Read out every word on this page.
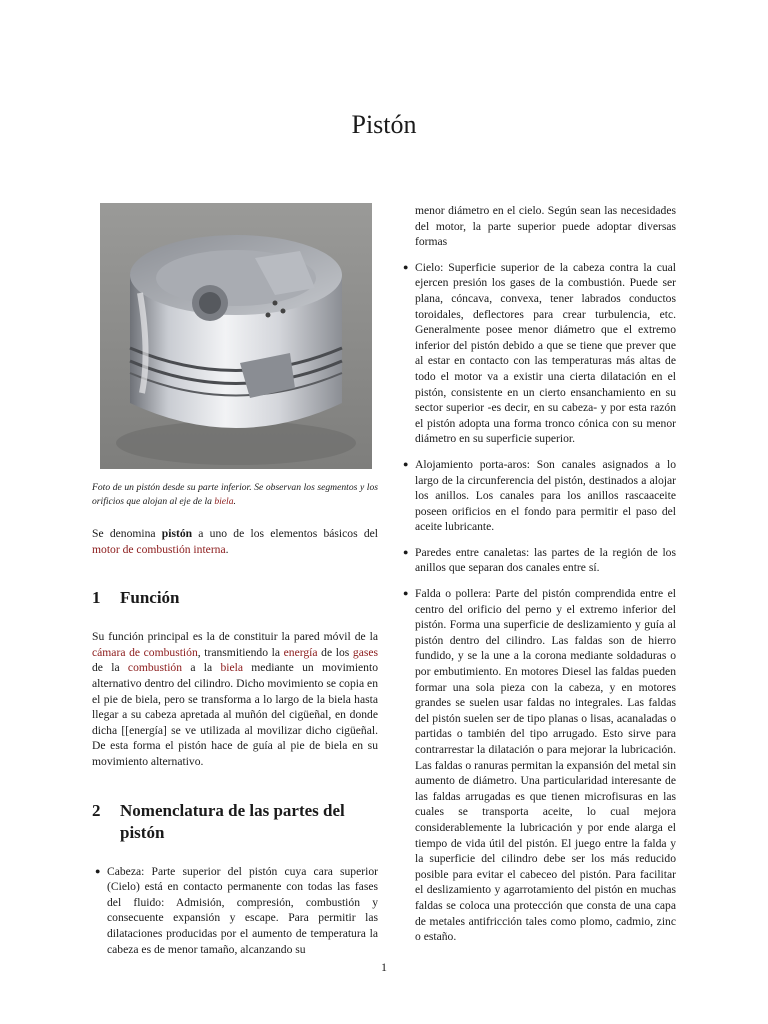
Pistón

Foto de un pistón desde su parte inferior. Se observan los segmentos y los orificios que alojan al eje de la biela.

Se denomina pistón a uno de los elementos básicos del motor de combustión interna.

1	Función

Su función principal es la de constituir la pared móvil de la cámara de combustión, transmitiendo la energía de los gases de la combustión a la biela mediante un movimiento alternativo dentro del cilindro. Dicho movimiento se copia en el pie de biela, pero se transforma a lo largo de la biela hasta llegar a su cabeza apretada al muñón del cigüeñal, en donde dicha [[energía] se ve utilizada al movilizar dicho cigüeñal. De esta forma el pistón hace de guía al pie de biela en su movimiento alternativo.

2	Nomenclatura de las partes del pistón
● Cabeza: Parte superior del pistón cuya cara superior (Cielo) está en contacto permanente con todas las fases del fluido: Admisión, compresión, combustión y consecuente expansión y escape. Para permitir las dilataciones producidas por el aumento de temperatura la cabeza es de menor tamaño, alcanzando su

menor diámetro en el cielo. Según sean las necesidades del motor, la parte superior puede adoptar diversas formas

● Cielo: Superficie superior de la cabeza contra la cual ejercen presión los gases de la combustión. Puede ser plana, cóncava, convexa, tener labrados conductos toroidales, deflectores para crear turbulencia, etc. Generalmente posee menor diámetro que el extremo inferior del pistón debido a que se tiene que prever que al estar en contacto con las temperaturas más altas de todo el motor va a existir una cierta dilatación en el pistón, consistente en un cierto ensanchamiento en su sector superior -es decir, en su cabeza- y por esta razón el pistón adopta una forma tronco cónica con su menor diámetro en su superficie superior.
● Alojamiento porta-aros: Son canales asignados a lo largo de la circunferencia del pistón, destinados a alojar los anillos. Los canales para los anillos rascaaceite poseen orificios en el fondo para permitir el paso del aceite lubricante.
● Paredes entre canaletas: las partes de la región de los anillos que separan dos canales entre sí.
● Falda o pollera: Parte del pistón comprendida entre el centro del orificio del perno y el extremo inferior del pistón. Forma una superficie de deslizamiento y guía al pistón dentro del cilindro. Las faldas son de hierro fundido, y se la une a la corona mediante soldaduras o por embutimiento. En motores Diesel las faldas pueden formar una sola pieza con la cabeza, y en motores grandes se suelen usar faldas no integrales. Las faldas del pistón suelen ser de tipo planas o lisas, acanaladas o partidas o también del tipo arrugado. Esto sirve para contrarrestar la dilatación o para mejorar la lubricación. Las faldas o ranuras permitan la expansión del metal sin aumento de diámetro. Una particularidad interesante de las faldas arrugadas es que tienen microfisuras en las cuales se transporta aceite, lo cual mejora considerablemente la lubricación y por ende alarga el tiempo de vida útil del pistón. El juego entre la falda y la superficie del cilindro debe ser los más reducido posible para evitar el cabeceo del pistón. Para facilitar el deslizamiento y agarrotamiento del pistón en muchas faldas se coloca una protección que consta de una capa de metales antifricción tales como plomo, cadmio, zinc o estaño.
1
